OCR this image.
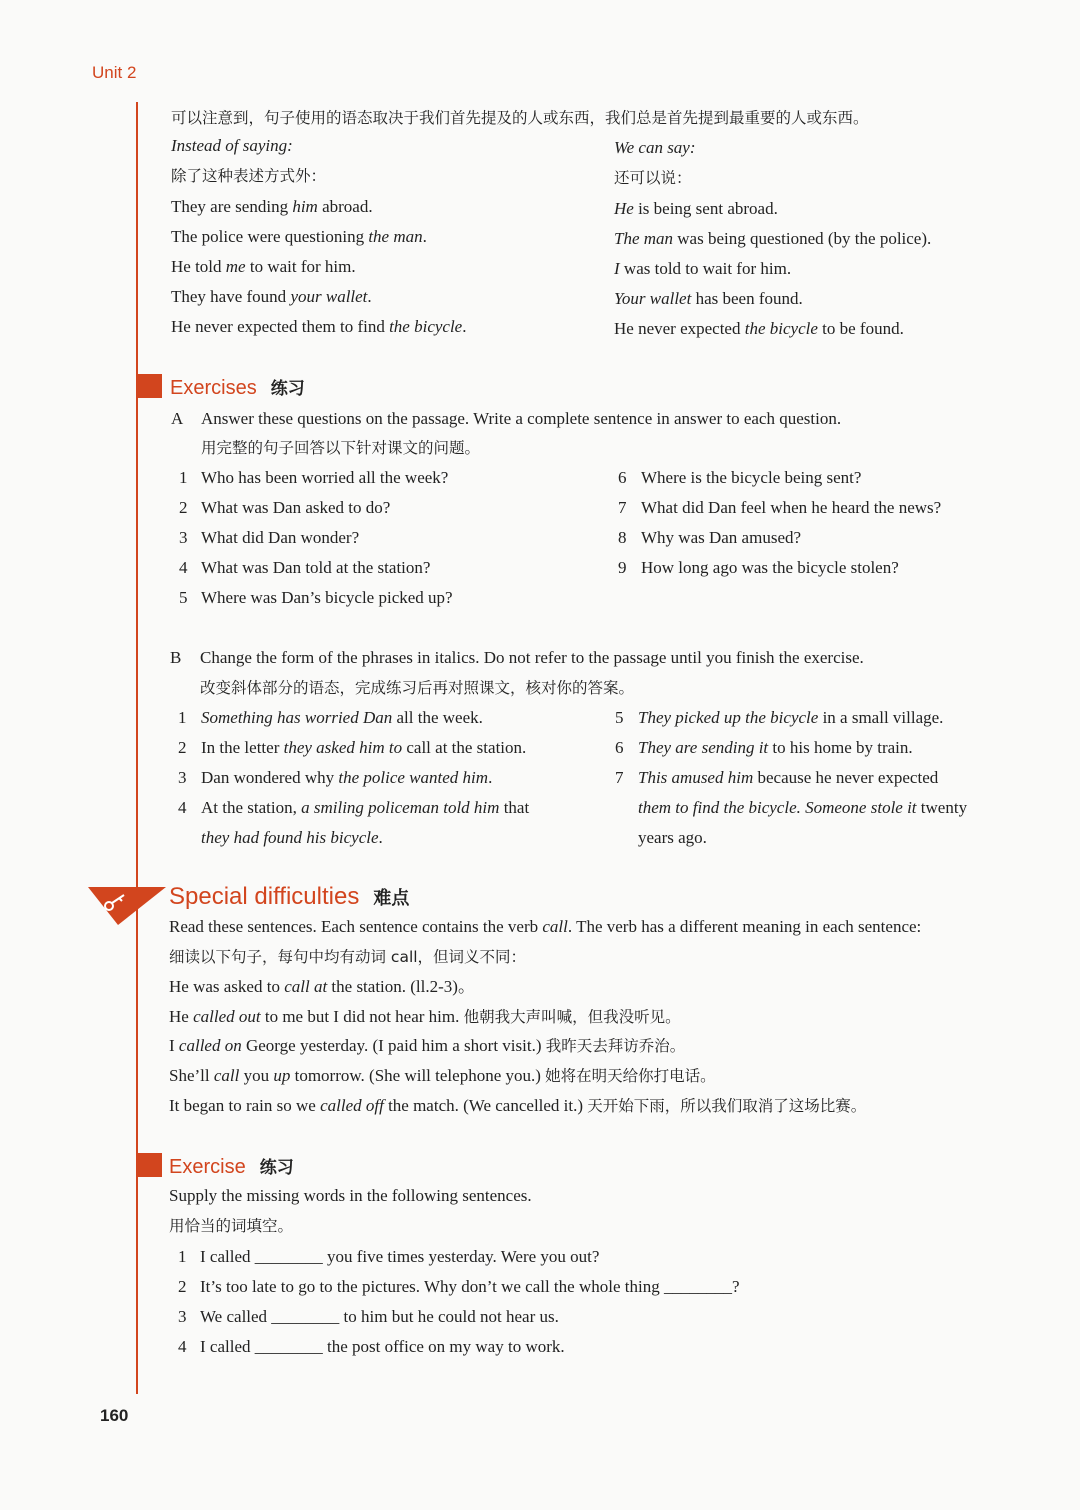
Unit 2
可以注意到，句子使用的语态取决于我们首先提及的人或东西，我们总是首先提到最重要的人或东西。
Instead of saying:	We can say:
除了这种表述方式外：	还可以说：
They are sending him abroad.
The police were questioning the man.
He told me to wait for him.
They have found your wallet.
He never expected them to find the bicycle.
He is being sent abroad.
The man was being questioned (by the police).
I was told to wait for him.
Your wallet has been found.
He never expected the bicycle to be found.
Exercises 练习
A Answer these questions on the passage. Write a complete sentence in answer to each question.
用完整的句子回答以下针对课文的问题。
1 Who has been worried all the week?
2 What was Dan asked to do?
3 What did Dan wonder?
4 What was Dan told at the station?
5 Where was Dan’s bicycle picked up?
6 Where is the bicycle being sent?
7 What did Dan feel when he heard the news?
8 Why was Dan amused?
9 How long ago was the bicycle stolen?
B Change the form of the phrases in italics. Do not refer to the passage until you finish the exercise.
改变斜体部分的语态，完成练习后再对照课文，核对你的答案。
1 Something has worried Dan all the week.
2 In the letter they asked him to call at the station.
3 Dan wondered why the police wanted him.
4 At the station, a smiling policeman told him that
they had found his bicycle.
5 They picked up the bicycle in a small village.
6 They are sending it to his home by train.
7 This amused him because he never expected
them to find the bicycle. Someone stole it twenty
years ago.
Special difficulties 难点
Read these sentences. Each sentence contains the verb call. The verb has a different meaning in each sentence:
细读以下句子，每句中均有动词 call，但词义不同：
He was asked to call at the station. (ll.2-3)。
He called out to me but I did not hear him. 他朝我大声叫喊，但我没听见。
I called on George yesterday. (I paid him a short visit.) 我昨天去拜访乔治。
She’ll call you up tomorrow. (She will telephone you.) 她将在明天给你打电话。
It began to rain so we called off the match. (We cancelled it.) 天开始下雨，所以我们取消了这场比赛。
Exercise 练习
Supply the missing words in the following sentences.
用恰当的词填空。
1 I called ________ you five times yesterday. Were you out?
2 It’s too late to go to the pictures. Why don’t we call the whole thing ________?
3 We called ________ to him but he could not hear us.
4 I called ________ the post office on my way to work.
160
